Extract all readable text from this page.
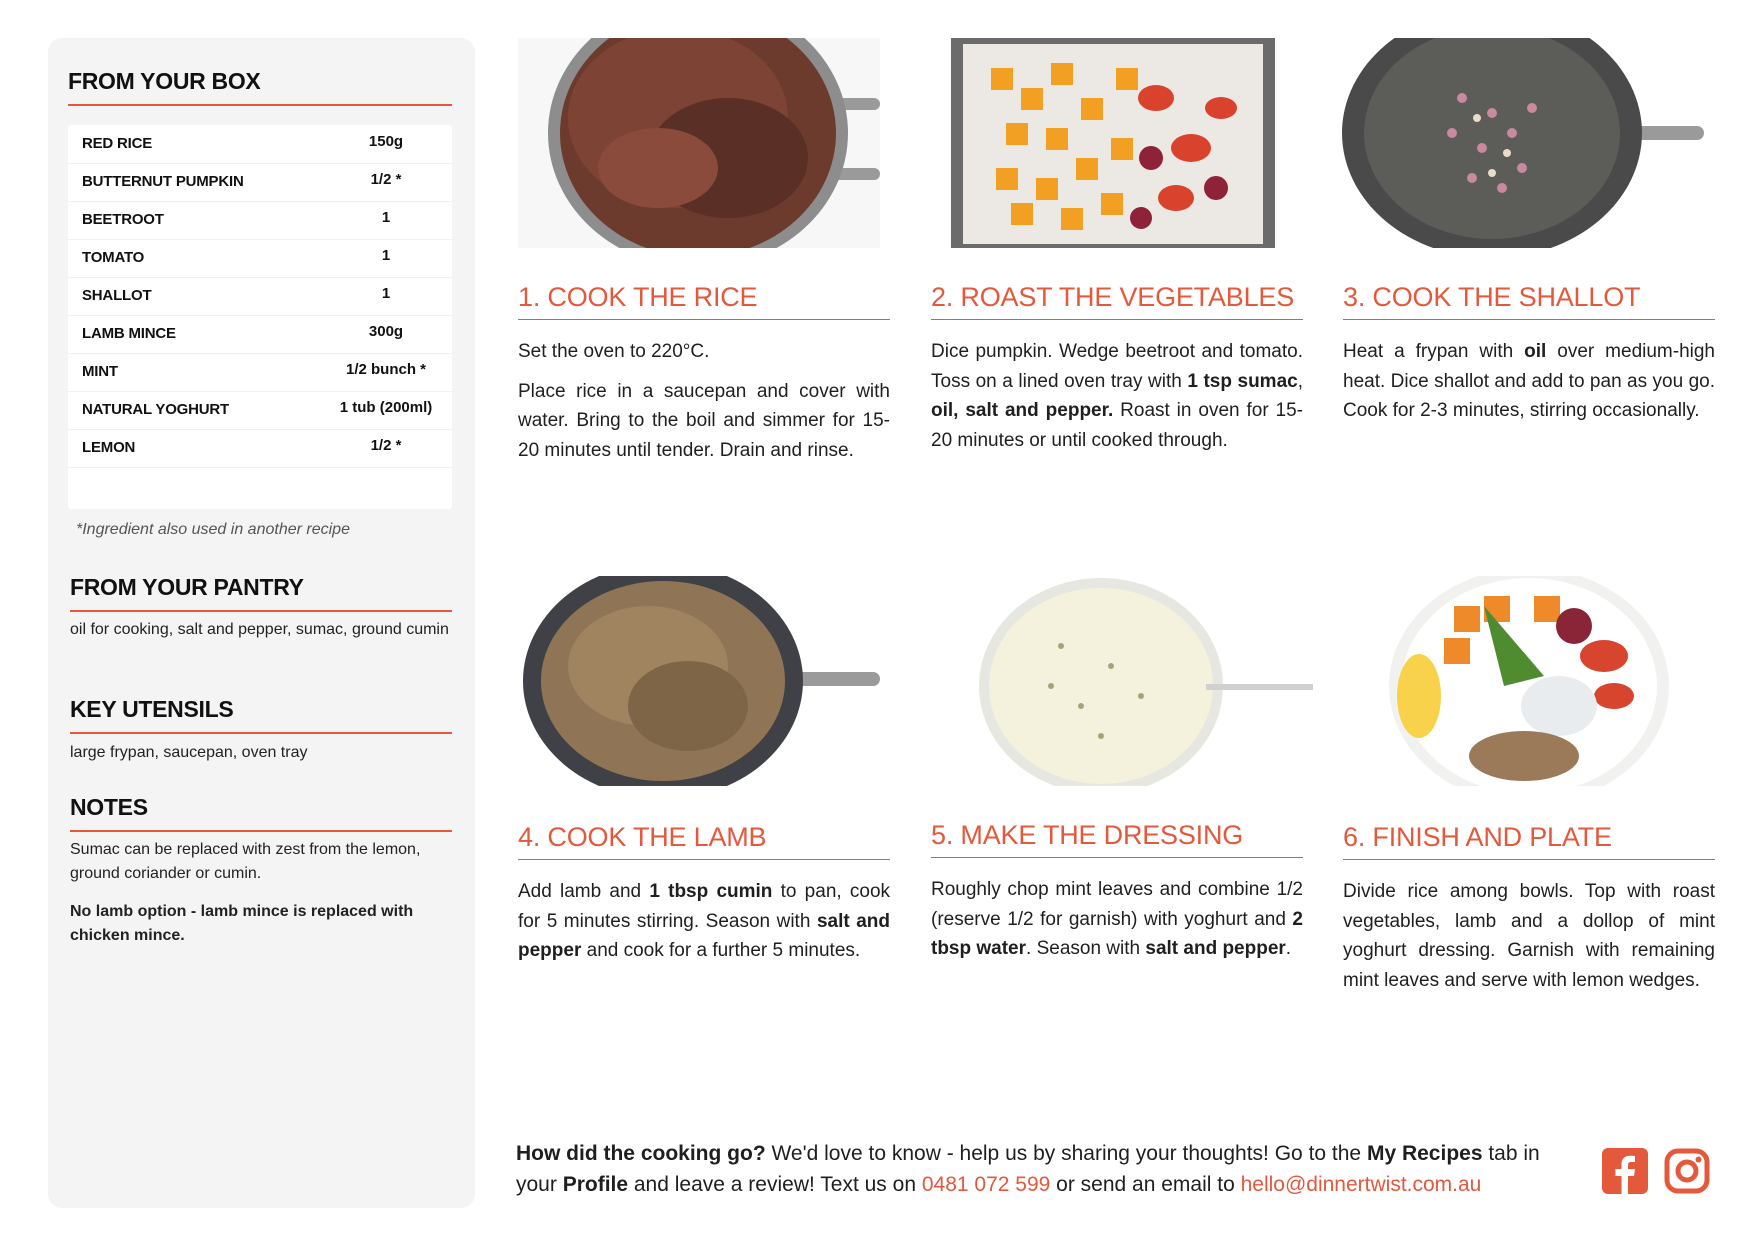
FROM YOUR BOX
RED RICE	150g
BUTTERNUT PUMPKIN	1/2 *
BEETROOT	1
TOMATO	1
SHALLOT	1
LAMB MINCE	300g
MINT	1/2 bunch *
NATURAL YOGHURT	1 tub (200ml)
LEMON	1/2 *
*Ingredient also used in another recipe
FROM YOUR PANTRY
oil for cooking, salt and pepper, sumac, ground cumin
KEY UTENSILS
large frypan, saucepan, oven tray
NOTES
Sumac can be replaced with zest from the lemon, ground coriander or cumin.
No lamb option - lamb mince is replaced with chicken mince.
1. COOK THE RICE

Set the oven to 220°C.

Place rice in a saucepan and cover with water. Bring to the boil and simmer for 15-20 minutes until tender. Drain and rinse.

2. ROAST THE VEGETABLES

Dice pumpkin. Wedge beetroot and tomato. Toss on a lined oven tray with 1 tsp sumac, oil, salt and pepper. Roast in oven for 15-20 minutes or until cooked through.

3. COOK THE SHALLOT

Heat a frypan with oil over medium-high heat. Dice shallot and add to pan as you go. Cook for 2-3 minutes, stirring occasionally.

4. COOK THE LAMB

Add lamb and 1 tbsp cumin to pan, cook for 5 minutes stirring. Season with salt and pepper and cook for a further 5 minutes.

5. MAKE THE DRESSING

Roughly chop mint leaves and combine 1/2 (reserve 1/2 for garnish) with yoghurt and 2 tbsp water. Season with salt and pepper.

6. FINISH AND PLATE

Divide rice among bowls. Top with roast vegetables, lamb and a dollop of mint yoghurt dressing. Garnish with remaining mint leaves and serve with lemon wedges.

How did the cooking go? We'd love to know - help us by sharing your thoughts! Go to the My Recipes tab in your Profile and leave a review! Text us on 0481 072 599 or send an email to hello@dinnertwist.com.au
